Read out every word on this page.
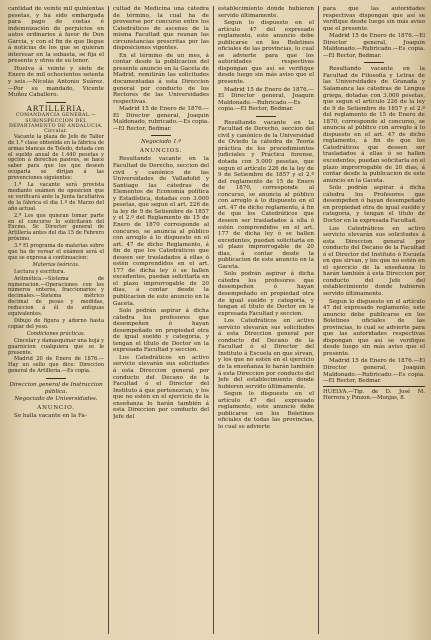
cantidad de veinte mil quinientas pesetas, y ha sido embargada para pago de costas é indemnización de perjuicios en autos ordinarios á favor de Don Garcia, y con el fin de que llegue á noticias de los que se quieran interesar en la subasta, se fija el presente y otros de su tenor.

Huelva á veinte y siete de Enero de mil ochocientos setenta y seis.—Nicolás Antonio Suárez.—Por su mandado, Vicente Muñoz Caballero.

ARTILLERIA.
COMANDANCIA GENERAL.—SUBINSPECCION DEL DEPARTAMENTO DE ANDALUCIA.
Circular.

Vacante la plaza de Jefe de Taller de 1.ª clase obtenida en la fábrica de armas blancas de Toledo, dotada con el sueldo anual de 1.440 pesetas y opción á derechos pasivos, se hace saber para que los que deseen ocuparla se dirijan á las prevenciones siguientes:

1.ª La vacante será provista mediante exámen de oposicion que se verificará ante la Junta facultativa de la fábrica el dia 1.º de Marzo del año actual.

2.ª Los que quieran tomar parte en el concurso lo solicitarán del Excmo. Sr. Director general de Artillería antes del dia 15 de Febrero próximo.

3.ª El programa de materias sobre que ha de versar el exámen será el que se expresa á continuacion:

Materias teóricas.

Lectura y escritura.

Aritmética.—Sistema de numeracion.—Operaciones con los números enteros, fraccionarios y decimales.—Sistema métrico decimal de pesas y medidas, reduccion á él de antiguas equivalentes.

Dibujo de figura y adorno hasta copiar del yeso.

Condiciones prácticas.

Cincelar y damasquinar una hoja y guarnicion cualquiera que se le presente.

Madrid 20 de Enero de 1876.— Hay un sello que dice: Direccion general de Artillería.—Es copia.

Direccion general de Instruccion pública.

Negociado de Universidades.

ANUNCIO.

Se halla vacante en la Fa-

cultad de Medicina una cátedra de término, la cual ha de proveerse por concurso entre los Catedráticos de ascenso de la misma Facultad que reunan las circunstancias prescritas por las disposiciones vigentes.

En el término de un mes, á contar desde la publicacion del presente anuncio en la Gaceta de Madrid, remitirán las solicitudes documentadas á esta Direccion general por conducto de los Rectores de las Universidades respectivas.

Madrid 15 de Enero de 1876.—El Director general, Joaquin Maldonado, rubricado.—Es copia.—El Rector, Bedmar.

Negociado 1.º

ANUNCIOS.

Resultando vacante en la Facultad de Derecho, seccion del civil y canónico de las Universidades de Valladolid y Santiago las cátedras de Elementos de Economía política y Estadística, dotadas con 3.000 pesetas, que segun el art. 226 de la ley de 9 de Setiembre de 1857 y el 2.º del Reglamento de 15 de Enero de 1870 corresponde al concurso, se anuncia al público con arreglo á lo dispuesto en el art. 47 de dicho Reglamento, á fin de que los Catedráticos que deseen ser trasladados á ellas ó estén comprendidos en el art. 177 de dicha ley ó se hallen excedentes, puedan solicitarla en el plazo improrrogable de 20 dias, á contar desde la publicacion de este anuncio en la Gaceta.

Solo podrán aspirar á dicha cátedra los profesores que desempeñen ó hayan desempeñado en propiedad otra de igual sueldo y categoría, y tengan el título de Doctor en la expresada Facultad y seccion.

Los Catedráticos en activo servicio elevarán sus solicitudes á esta Direccion general por conducto del Decano de la Facultad ó el Director del Instituto á que pertenezcan, y los que no estén en el ejercicio de la enseñanza lo harán también á esta Direccion por conducto del Jefe del

establecimiento donde hubieren servido últimamente.

Segun lo dispuesto en el artículo 47 del expresado reglamento, este anuncio debe publicarse en los Boletines oficiales de las provincias, lo cual se advierte para que los autoridades respectivas dispongan que así se verifique desde luego sin más aviso que el presente.

Madrid 15 de Enero de 1876.—El Director general, Joaquin Maldonado.—Rubricado.—Es copia.—El Rector, Bedmar.

Resultando vacante en la Facultad de Derecho, seccion del civil y canónico de la Universidad de Oviedo la cátedra de Teoría práctica de los procedimientos judiciales y Práctica forense, dotada con 5.000 pesetas, que segun el artículo 226 de la ley de 9 de Setiembre de 1857 y el 2.º del reglamento de 15 de Enero de 1870, corresponde al concurso, se anuncia al público con arreglo á lo dispuesto en el art. 47 de dicho reglamento, á fin de que los Catedráticos que deseen ser trasladados á ella ó estén comprendidos en el art. 177 de dicha ley ó se hallen excedentes, puedan solicitarla en el plazo improrrogable de 20 dias, á contar desde la publicacion de este anuncio en la Gaceta.

Solo podrán aspirar á dicha cátedra los profesores que desempeñen ó hayan desempeñado en propiedad otra de igual sueldo y categoría, y tengan el título de Doctor en la expresada Facultad y seccion.

Los Catedráticos en activo servicio elevarán sus solicitudes á esta Direccion general por conducto del Decano de la Facultad ó el Director del Instituto á Escuela en que sirvan, y los que no estén en el ejercicio de la enseñanza lo harán también á esta Direccion por conducto del Jefe del establecimiento donde hubieren servido últimamente.

Segun lo dispuesto en el artículo 47 del expresado reglamento, este anuncio debe publicarse en los Boletines oficiales de todas las provincias, lo cual se advierte

para que las autoridades respectivas dispongan que así se verifique desde luego sin más aviso que el presente.

Madrid 15 de Enero de 1876.—El Director general, Joaquin Maldonado.—Rubricado.—Es copia.—El Rector, Bedmar.

Resultando vacante en la Facultad de Filosofía y Letras de las Universidades de Granada y Salamanca las cátedras de Lengua griega, dotadas con 3.000 pesetas, que segun el artículo 226 de la ley de 9 de Setiembre de 1857 y el 2.º del reglamento de 15 de Enero de 1870, corresponde al concurso, se anuncia al público con arreglo á lo dispuesto en el art. 47 de dicho reglamento, á fin de que los Catedráticos que deseen ser trasladados á ellas ó se hallen excedentes, puedan solicitarla en el plazo improrrogable de 20 dias, á contar desde la publicacion de este anuncio en la Gaceta.

Solo podrán aspirar á dicha cátedra los Profesores que desempeñen ó hayan desempeñado en propiedad otra de igual sueldo y categoría, y tengan el título de Doctor en la expresada Facultad.

Los Catedráticos en activo servicio elevarán sus solicitudes á esta Direccion general por conducto del Decano de la Facultad ó el Director del Instituto ó Escuela en que sirvan, y los que no estén en el ejercicio de la enseñanza lo harán también á esta Direccion por conducto del Jefe del establecimiento donde hubieren servido últimamente.

Segun lo dispuesto en el artículo 47 del expresado reglamento, este anuncio debe publicarse en los Boletines oficiales de las provincias, lo cual se advierte para que las autoridades respectivas dispongan que así se verifique desde luego sin más aviso que el presente.

Madrid 15 de Enero de 1876.—El Director general, Joaquin Maldonado.—Rubricado.—Es copia.—El Rector, Bedmar.

HUELVA.—Tip. de D. José M. Herrera y Pinzon.—Monjas, 8.
